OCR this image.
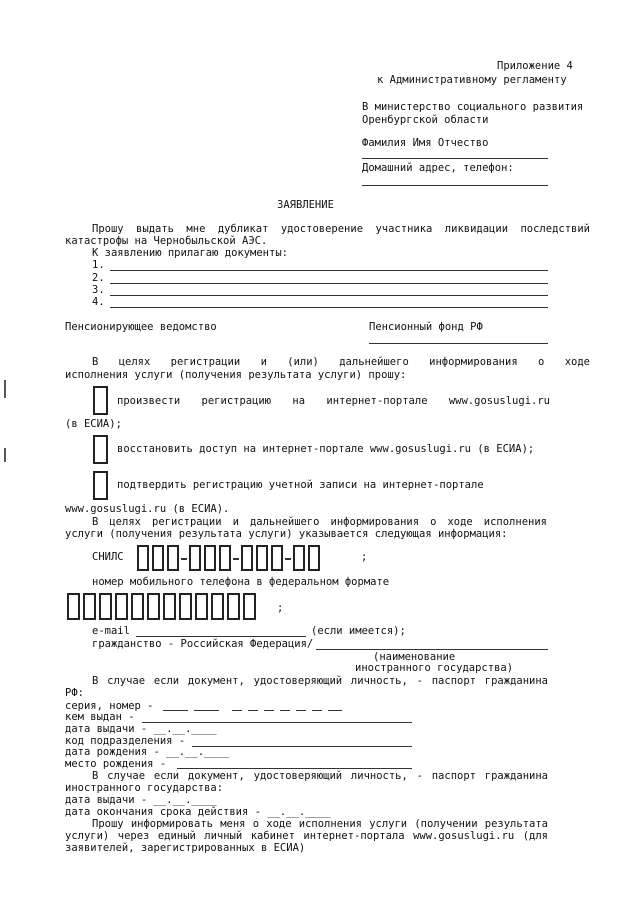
Приложение 4
к Административному регламенту
В министерство социального развития
Оренбургской области
Фамилия Имя Отчество
Домашний адрес, телефон:
ЗАЯВЛЕНИЕ
Прошу выдать мне дубликат удостоверение участника ликвидации последствий
катастрофы на Чернобыльской АЭС.
К заявлению прилагаю документы:
1.
2.
3.
4.
Пенсионирующее ведомство	Пенсионный фонд РФ
В целях регистрации и (или) дальнейшего информирования о ходе
исполнения услуги (получения результата услуги) прошу:
произвести регистрацию на интернет-портале www.gosuslugi.ru
(в ЕСИА);
восстановить доступ на интернет-портале www.gosuslugi.ru (в ЕСИА);
подтвердить регистрацию учетной записи на интернет-портале
www.gosuslugi.ru (в ЕСИА).
В целях регистрации и дальнейшего информирования о ходе исполнения
услуги (получения результата услуги) указывается следующая информация:
СНИЛС	;
номер мобильного телефона в федеральном формате
;
e-mail	(если имеется);
гражданство - Российская Федерация/
(наименование
иностранного государства)
В случае если документ, удостоверяющий личность, - паспорт гражданина
РФ:
серия, номер -
кем выдан -
дата выдачи - __.__.____
код подразделения -
дата рождения - __.__.____
место рождения -
В случае если документ, удостоверяющий личность, - паспорт гражданина
иностранного государства:
дата выдачи - __.__.____
дата окончания срока действия - __.__.____
Прошу информировать меня о ходе исполнения услуги (получении результата
услуги) через единый личный кабинет интернет-портала www.gosuslugi.ru (для
заявителей, зарегистрированных в ЕСИА)
